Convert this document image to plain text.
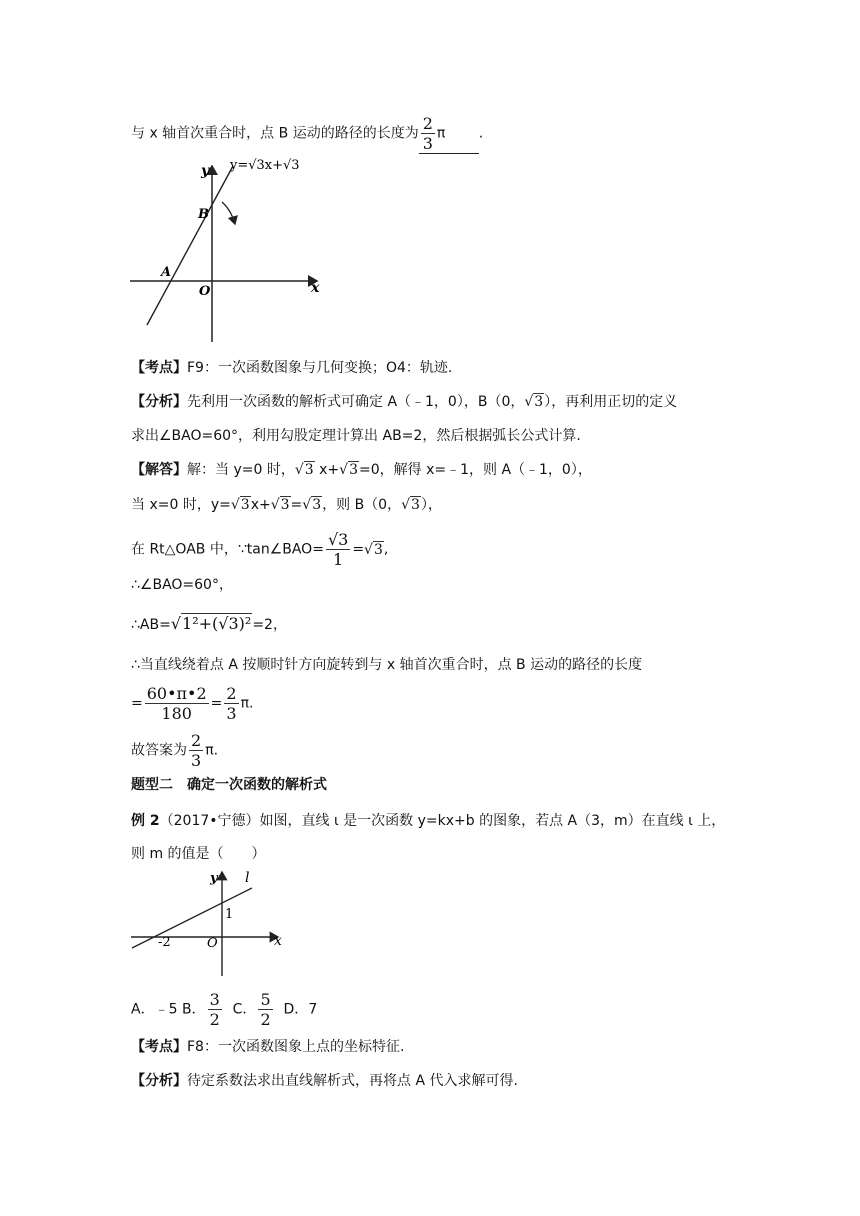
与 x 轴首次重合时，点 B 运动的路径的长度为 $\frac{2}{3}$ π .
y
x
O
A
B
y=√3x+√3
【考点】F9：一次函数图象与几何变换；O4：轨迹.
【分析】先利用一次函数的解析式可确定 A（﹣1，0），B（0，√3），再利用正切的定义
求出∠BAO=60°，利用勾股定理计算出 AB=2，然后根据弧长公式计算.
【解答】解：当 y=0 时，√3 x+√3=0，解得 x=﹣1，则 A（﹣1，0），
当 x=0 时，y=√3x+√3=√3，则 B（0，√3），
在 Rt△OAB 中，∵tan∠BAO= $\frac{√3}{1} =√3$,
∴∠BAO=60°，
∴AB=√1²+(√3)²=2，
∴当直线绕着点 A 按顺时针方向旋转到与 x 轴首次重合时，点 B 运动的路径的长度
= $\frac{60•\pi•2}{180} = \frac{2}{3} \pi$.
故答案为 $\frac{2}{3} \pi$.
题型二　确定一次函数的解析式
例 2（2017•宁德）如图，直线 ι 是一次函数 y=kx+b 的图象，若点 A（3，m）在直线 ι 上，
则 m 的值是（　　）
y
x
l
O
-2
1
A．﹣5 B． $\frac{3}{2}$ C． $\frac{5}{2}$ D．7
【考点】F8：一次函数图象上点的坐标特征.
【分析】待定系数法求出直线解析式，再将点 A 代入求解可得.
